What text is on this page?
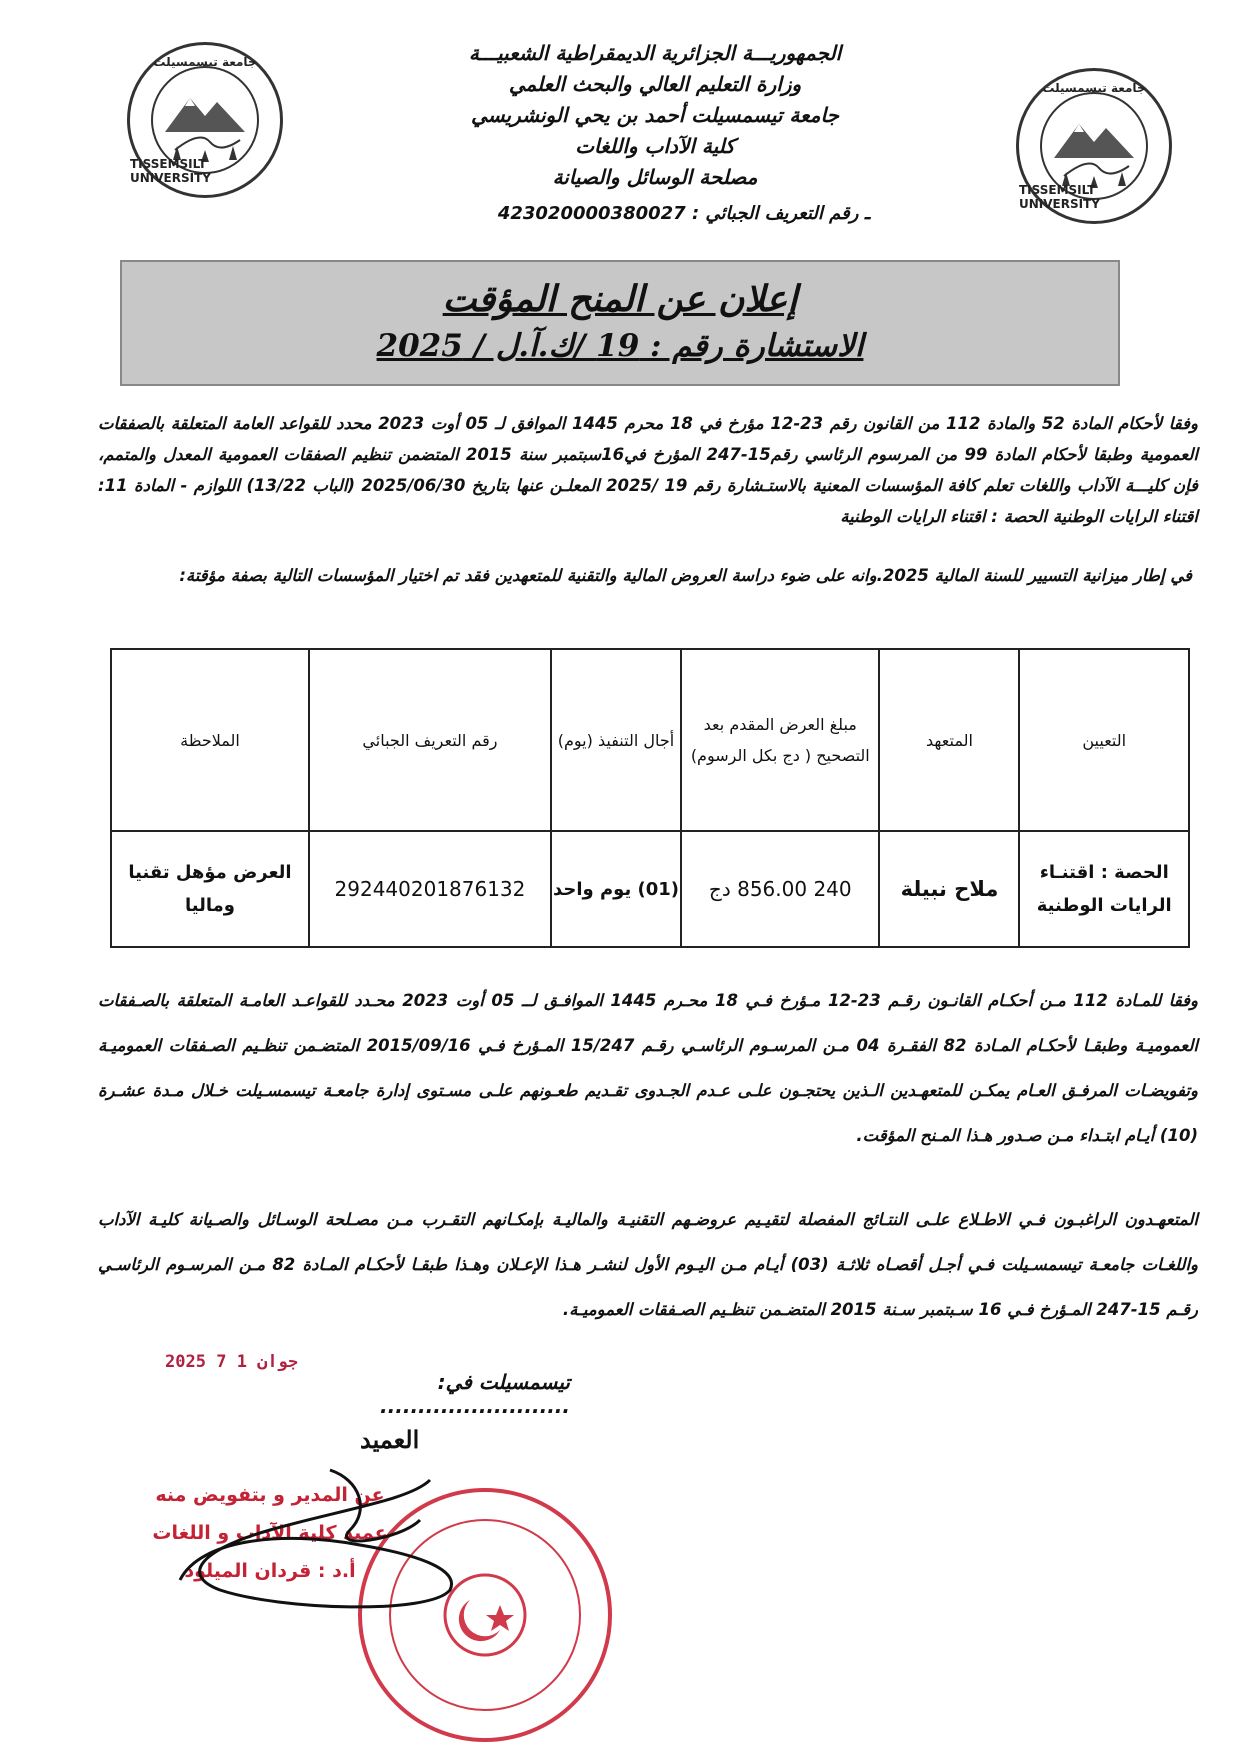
جامعة تيسمسيلت
TISSEMSILT UNIVERSITY
جامعة تيسمسيلت
TISSEMSILT UNIVERSITY
الجمهوريـــة الجزائرية الديمقراطية الشعبيـــة
وزارة التعليم العالي والبحث العلمي
جامعة تيسمسيلت أحمد بن يحي الونشريسي
كلية الآداب واللغات
مصلحة الوسائل والصيانة
ـ رقم التعريف الجبائي : 423020000380027
إعلان عن المنح المؤقت
الاستشارة رقم : 19 /ك.آ.ل / 2025
وفقا لأحكام المادة 52 والمادة 112 من القانون رقم 23-12 مؤرخ في 18 محرم 1445 الموافق لـ 05 أوت 2023 محدد للقواعد العامة المتعلقة بالصفقات العمومية وطبقا لأحكام المادة 99 من المرسوم الرئاسي رقم15-247 المؤرخ في16سبتمبر سنة 2015 المتضمن تنظيم الصفقات العمومية المعدل والمتمم، فإن كليـــة الآداب واللغات تعلم كافة المؤسسات المعنية بالاستـشارة رقم 19 /2025 المعلـن عنها بتاريخ 2025/06/30 (الباب 13/22) اللوازم - المادة 11: اقتناء الرايات الوطنية الحصة : اقتناء الرايات الوطنية
في إطار ميزانية التسيير للسنة المالية 2025.وانه على ضوء دراسة العروض المالية والتقنية للمتعهدين فقد تم اختيار المؤسسات التالية بصفة مؤقتة:
التعيين	المتعهد	مبلغ العرض المقدم بعد التصحيح ( دج بكل الرسوم)	أجال التنفيذ (يوم)	رقم التعريف الجبائي	الملاحظة
الحصة : اقتنـاء الرايات الوطنية	ملاح نبيلة	240 856.00 دج	(01) يوم واحد	292440201876132	العرض مؤهل تقنيا وماليا
وفقا للمـادة 112 مـن أحكـام القانـون رقـم 23-12 مـؤرخ فـي 18 محـرم 1445 الموافـق لــ 05 أوت 2023 محـدد للقواعـد العامـة المتعلقة بالصـفقات العموميـة وطبقـا لأحكـام المـادة 82 الفقـرة 04 مـن المرسـوم الرئاسـي رقـم 15/247 المـؤرخ فـي 2015/09/16 المتضـمن تنظـيم الصـفقات العموميـة وتفويضـات المرفـق العـام يمكـن للمتعهـدين الـذين يحتجـون علـى عـدم الجـدوى تقـديم طعـونهم علـى مسـتوى إدارة جامعـة تيسمسـيلت خـلال مـدة عشـرة (10) أيـام ابتـداء مـن صـدور هـذا المـنح المؤقت.
المتعهـدون الراغبـون فـي الاطـلاع علـى النتـائج المفصلة لتقيـيم عروضـهم التقنيـة والماليـة بإمكـانهم التقـرب مـن مصـلحة الوسـائل والصـيانة كليـة الآداب واللغـات جامعـة تيسمسـيلت فـي أجـل أقصـاه ثلاثـة (03) أيـام مـن اليـوم الأول لنشـر هـذا الإعـلان وهـذا طبقـا لأحكـام المـادة 82 مـن المرسـوم الرئاسـي رقـم 15-247 المـؤرخ فـي 16 سـبتمبر سـنة 2015 المتضـمن تنظـيم الصـفقات العموميـة.
تيسمسيلت في: .........................
2025 جوان 1 7
العميد
عن المدير و بتفويض منه
عميد كلية الآداب و اللغات
أ.د : قردان الميلود
